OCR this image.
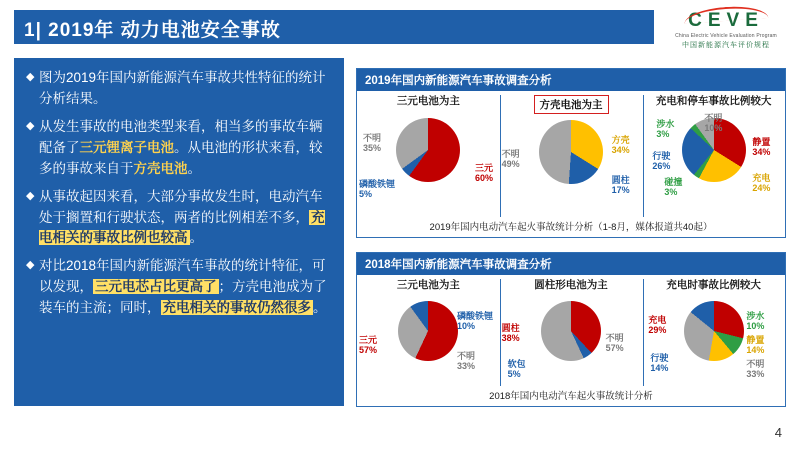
1| 2019年 动力电池安全事故	CEVE
China Electric Vehicle Evaluation Program
中国新能源汽车评价规程
◆ 图为2019年国内新能源汽车事故共性特征的统计分析结果。
◆ 从发生事故的电池类型来看，相当多的事故车辆配备了三元锂离子电池。从电池的形状来看，较多的事故来自于方壳电池。
◆ 从事故起因来看，大部分事故发生时，电动汽车处于搁置和行驶状态，两者的比例相差不多， 充电相关的事故比例也较高 。
◆ 对比2018年国内新能源汽车事故的统计特征，可以发现， 三元电芯占比更高了 ；方壳电池成为了装车的主流；同时， 充电相关的事故仍然很多 。
2019年国内新能源汽车事故调查分析
三元电池为主
不明
35%
三元
60%
磷酸铁锂
5%
方壳电池为主
不明
49%
方壳
34%
圆柱
17%
充电和停车事故比例较大
静置
34%
充电
24%
碰撞
3%
行驶
26%
涉水
3%
不明
10%
2019年国内电动汽车起火事故统计分析（1-8月，媒体报道共40起）
2018年国内新能源汽车事故调查分析
三元电池为主
三元
57%
磷酸铁锂
10%
不明
33%
圆柱形电池为主
圆柱
38%
软包
5%
不明
57%
充电时事故比例较大
充电
29%
涉水
10%
静置
14%
不明
33%
行驶
14%
2018年国内电动汽车起火事故统计分析
4
